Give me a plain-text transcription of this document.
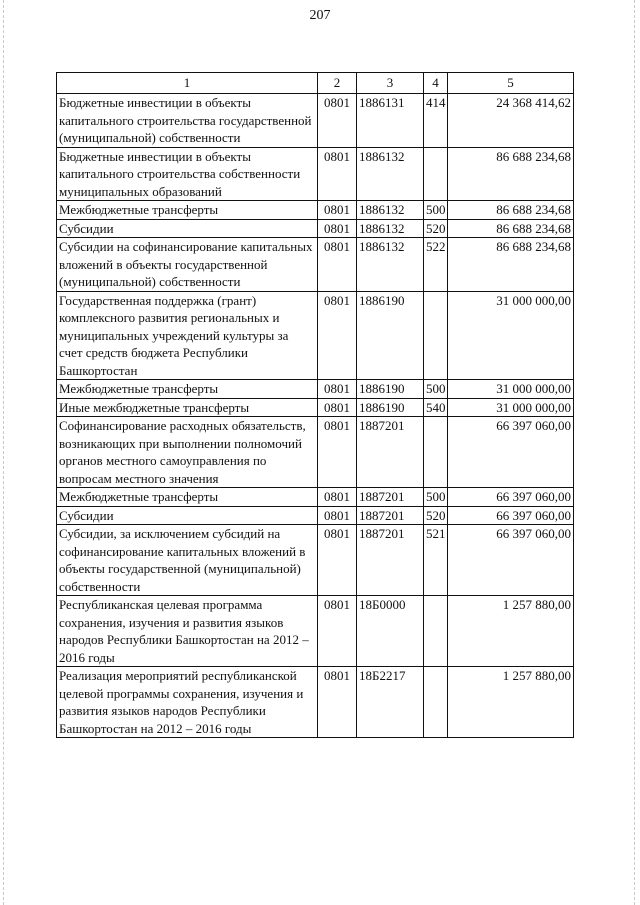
207
1	2	3	4	5
Бюджетные инвестиции в объекты капитального строительства государственной (муниципальной) собственности	0801	1886131	414	24 368 414,62
Бюджетные инвестиции в объекты капитального строительства собственности муниципальных образований	0801	1886132		86 688 234,68
Межбюджетные трансферты	0801	1886132	500	86 688 234,68
Субсидии	0801	1886132	520	86 688 234,68
Субсидии на софинансирование капитальных вложений в объекты государственной (муниципальной) собственности	0801	1886132	522	86 688 234,68
Государственная поддержка (грант) комплексного развития региональных и муниципальных учреждений культуры за счет средств бюджета Республики Башкортостан	0801	1886190		31 000 000,00
Межбюджетные трансферты	0801	1886190	500	31 000 000,00
Иные межбюджетные трансферты	0801	1886190	540	31 000 000,00
Софинансирование расходных обязательств, возникающих при выполнении полномочий органов местного самоуправления по вопросам местного значения	0801	1887201		66 397 060,00
Межбюджетные трансферты	0801	1887201	500	66 397 060,00
Субсидии	0801	1887201	520	66 397 060,00
Субсидии, за исключением субсидий на софинансирование капитальных вложений в объекты государственной (муниципальной) собственности	0801	1887201	521	66 397 060,00
Республиканская целевая программа сохранения, изучения и развития языков народов Республики Башкортостан на 2012 – 2016 годы	0801	18Б0000		1 257 880,00
Реализация мероприятий республиканской целевой программы сохранения, изучения и развития языков народов Республики Башкортостан на 2012 – 2016 годы	0801	18Б2217		1 257 880,00
